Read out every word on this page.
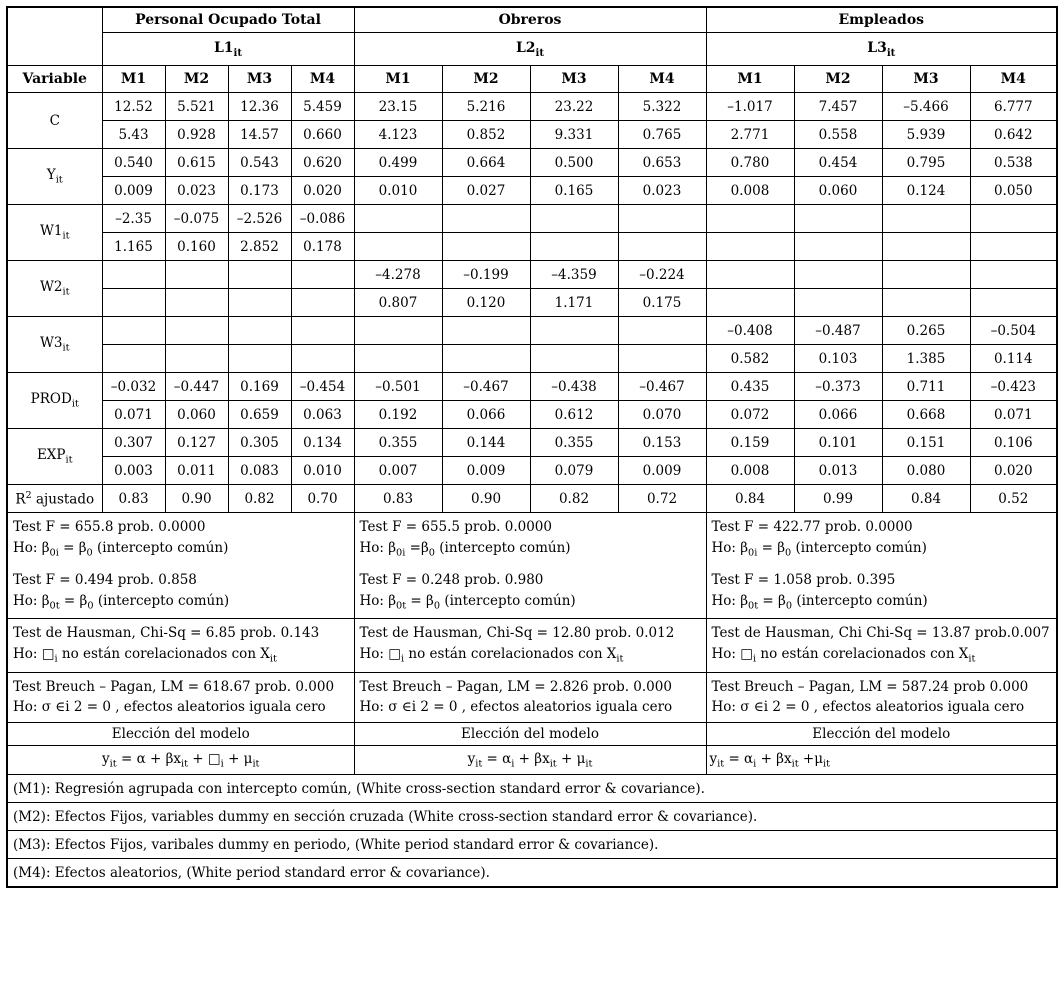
	Personal Ocupado Total				Obreros				Empleados			
	$L1_{it}$				$L2_{it}$				$L3_{it}$
Variable	M1	M2	M3	M4	M1	M2	M3	M4	M1	M2	M3	M4
C	12.52	5.521	12.36	5.459	23.15	5.216	23.22	5.322	–1.017	7.457	–5.466	6.777
	5.43	0.928	14.57	0.660	4.123	0.852	9.331	0.765	2.771	0.558	5.939	0.642
$Y_{it}$	0.540	0.615	0.543	0.620	0.499	0.664	0.500	0.653	0.780	0.454	0.795	0.538
	0.009	0.023	0.173	0.020	0.010	0.027	0.165	0.023	0.008	0.060	0.124	0.050
$W1_{it}$	–2.35	–0.075	–2.526	–0.086								
	1.165	0.160	2.852	0.178								
$W2_{it}$					–4.278	–0.199	–4.359	–0.224				
					0.807	0.120	1.171	0.175				
$W3_{it}$									–0.408	–0.487	0.265	–0.504
									0.582	0.103	1.385	0.114
$PROD_{it}$	–0.032	–0.447	0.169	–0.454	–0.501	–0.467	–0.438	–0.467	0.435	–0.373	0.711	–0.423
	0.071	0.060	0.659	0.063	0.192	0.066	0.612	0.070	0.072	0.066	0.668	0.071
$EXP_{it}$	0.307	0.127	0.305	0.134	0.355	0.144	0.355	0.153	0.159	0.101	0.151	0.106
	0.003	0.011	0.083	0.010	0.007	0.009	0.079	0.009	0.008	0.013	0.080	0.020
$R^2$ ajustado	0.83	0.90	0.82	0.70	0.83	0.90	0.82	0.72	0.84	0.99	0.84	0.52

Test F = 655.8 prob. 0.0000
Ho: $\beta_{0i} = \beta_0$ (intercepto común)
Test F = 0.494 prob. 0.858
Ho: $\beta_{0t} = \beta_0$ (intercepto común)

Test F = 655.5 prob. 0.0000
Ho: $\beta_{0i} =\beta_0$ (intercepto común)
Test F = 0.248 prob. 0.980
Ho: $\beta_{0t} = \beta_0$ (intercepto común)

Test F = 422.77 prob. 0.0000
Ho: $\beta_{0i} = \beta_0$ (intercepto común)
Test F = 1.058 prob. 0.395
Ho: $\beta_{0t} = \beta_0$ (intercepto común)

Test de Hausman, Chi-Sq = 6.85 prob. 0.143
Ho: $□_i$ no están corelacionados con $X_{it}$

Test de Hausman, Chi-Sq = 12.80 prob. 0.012
Ho: $□_i$ no están corelacionados con $X_{it}$

Test de Hausman, Chi Chi-Sq = 13.87 prob.0.007
Ho: $□_i$ no están corelacionados con $X_{it}$

Test Breuch – Pagan, LM = 618.67 prob. 0.000
Ho: σ ∈i 2 = 0 , efectos aleatorios iguala cero

Test Breuch – Pagan, LM = 2.826 prob. 0.000
Ho: σ ∈i 2 = 0 , efectos aleatorios iguala cero

Test Breuch – Pagan, LM = 587.24 prob 0.000
Ho: σ ∈i 2 = 0 , efectos aleatorios iguala cero

Elección del modelo					Elección del modelo				Elección del modelo			
$y_{it} = \alpha + \beta x_{it}$ + $□_i + \mu_{it}$					$y_{it} = \alpha_i + \beta x_{it} + \mu_{it}$				$y_{it} = \alpha_i + \beta x_{it} +\mu_{it}$
(M1): Regresión agrupada con intercepto común, (White cross-section standard error & covariance).												
(M2): Efectos Fijos, variables dummy en sección cruzada (White cross-section standard error & covariance).												
(M3): Efectos Fijos, varibales dummy en periodo, (White period standard error & covariance).												
(M4): Efectos aleatorios, (White period standard error & covariance).												
